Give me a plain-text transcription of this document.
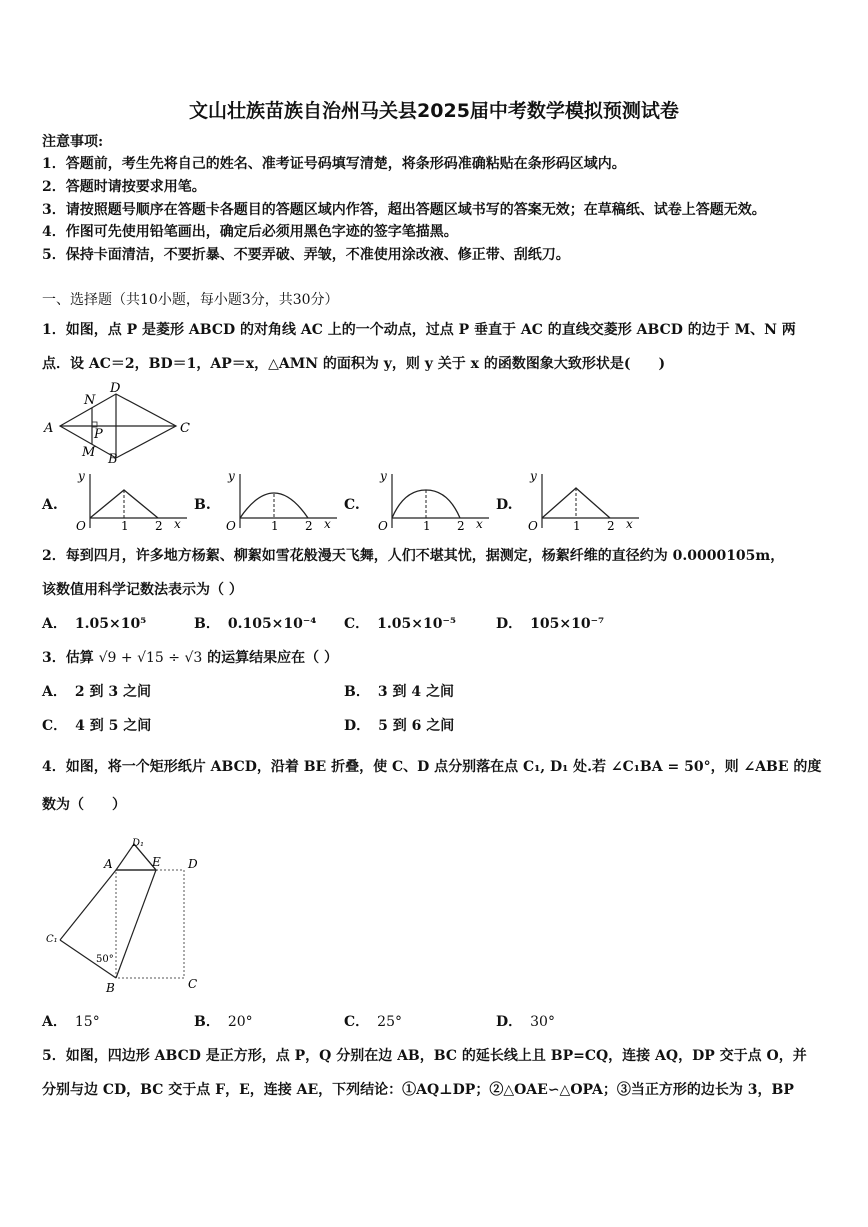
文山壮族苗族自治州马关县2025届中考数学模拟预测试卷
注意事项:
1．答题前，考生先将自己的姓名、准考证号码填写清楚，将条形码准确粘贴在条形码区域内。
2．答题时请按要求用笔。
3．请按照题号顺序在答题卡各题目的答题区域内作答，超出答题区域书写的答案无效；在草稿纸、试卷上答题无效。
4．作图可先使用铅笔画出，确定后必须用黑色字迹的签字笔描黑。
5．保持卡面清洁，不要折暴、不要弄破、弄皱，不准使用涂改液、修正带、刮纸刀。
一、选择题（共10小题，每小题3分，共30分）
1．如图，点 P 是菱形 ABCD 的对角线 AC 上的一个动点，过点 P 垂直于 AC 的直线交菱形 ABCD 的边于 M、N 两
点．设 AC＝2，BD＝1，AP＝x，△AMN 的面积为 y，则 y 关于 x 的函数图象大致形状是(　　)
A
D
C
N
P
M B
A.
y
O	1 2 x
B.
y
O	1 2 x
C.
y
O	1 2 x
D.
y
O	1 2 x
2．每到四月，许多地方杨絮、柳絮如雪花般漫天飞舞，人们不堪其忧，据测定，杨絮纤维的直径约为 0.0000105m，
该数值用科学记数法表示为（ ）
A． 1.05×10⁵	B． 0.105×10⁻⁴ C． 1.05×10⁻⁵	D． 105×10⁻⁷
3．估算 √9 + √15 ÷ √3 的运算结果应在（ ）
A． 2 到 3 之间	B． 3 到 4 之间
C． 4 到 5 之间	D． 5 到 6 之间
4．如图，将一个矩形纸片 ABCD，沿着 BE 折叠，使 C、D 点分别落在点 C₁, D₁ 处.若 ∠C₁BA = 50°，则 ∠ABE 的度
数为（　　）
A	E D
D₁
C₁
B	C
50°
A． 15°	B． 20°	C． 25°	D． 30°
5．如图，四边形 ABCD 是正方形，点 P，Q 分别在边 AB，BC 的延长线上且 BP=CQ，连接 AQ，DP 交于点 O，并
分别与边 CD，BC 交于点 F，E，连接 AE，下列结论：①AQ⊥DP；②△OAE∽△OPA；③当正方形的边长为 3，BP
